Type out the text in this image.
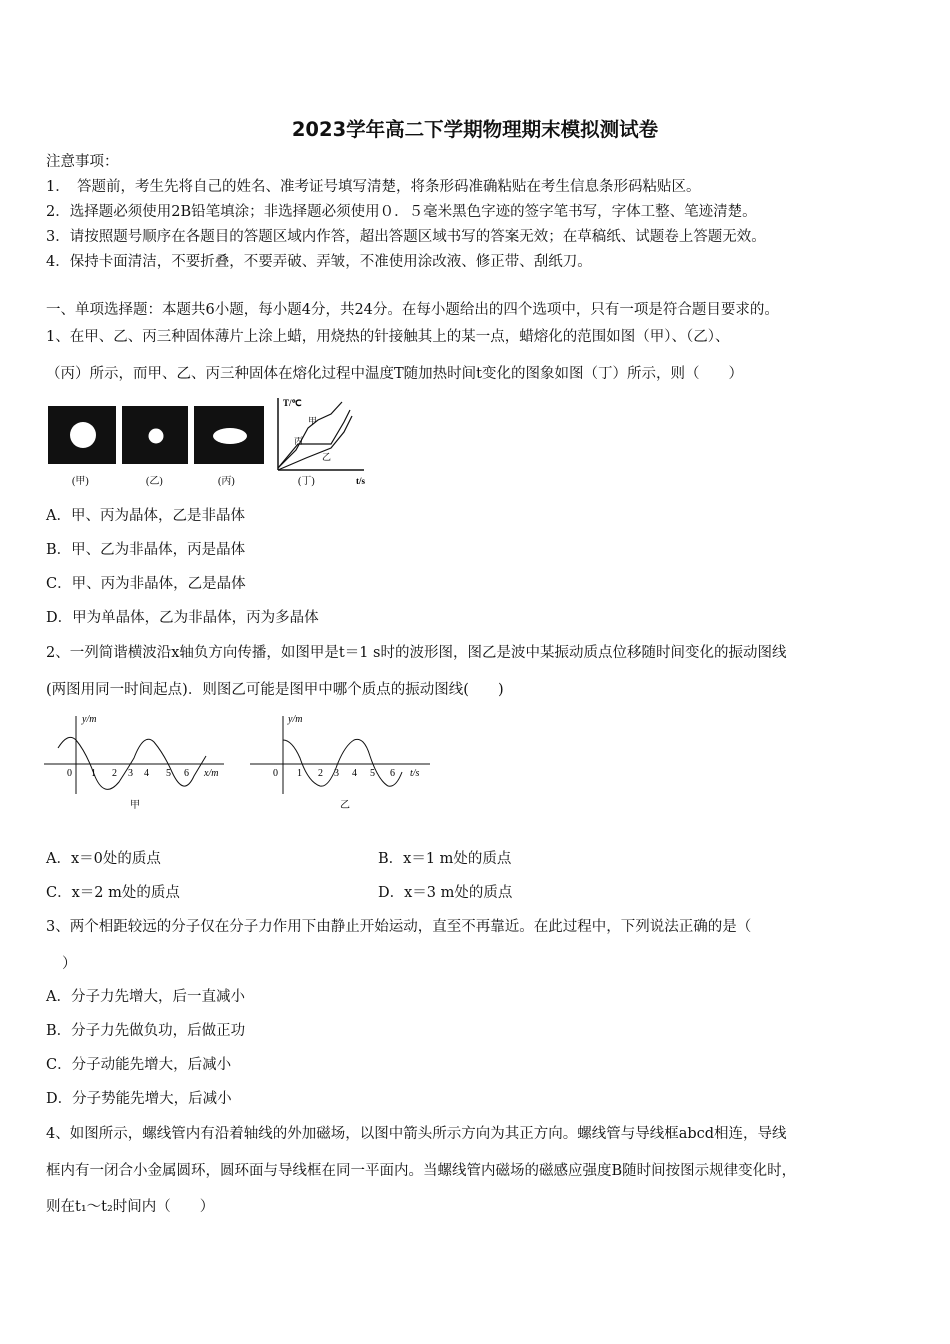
2023学年高二下学期物理期末模拟测试卷
注意事项：
1．　答题前，考生先将自己的姓名、准考证号填写清楚，将条形码准确粘贴在考生信息条形码粘贴区。
2．选择题必须使用2B铅笔填涂；非选择题必须使用０．５毫米黑色字迹的签字笔书写，字体工整、笔迹清楚。
3．请按照题号顺序在各题目的答题区域内作答，超出答题区域书写的答案无效；在草稿纸、试题卷上答题无效。
4．保持卡面清洁，不要折叠，不要弄破、弄皱，不准使用涂改液、修正带、刮纸刀。
一、单项选择题：本题共6小题，每小题4分，共24分。在每小题给出的四个选项中，只有一项是符合题目要求的。
1、在甲、乙、丙三种固体薄片上涂上蜡，用烧热的针接触其上的某一点，蜡熔化的范围如图（甲）、（乙）、
（丙）所示，而甲、乙、丙三种固体在熔化过程中温度T随加热时间t变化的图象如图（丁）所示，则（　　）
(甲)	(乙)	(丙)	(丁)
T/℃
t/s
甲
丙
乙
A．甲、丙为晶体，乙是非晶体
B．甲、乙为非晶体，丙是晶体
C．甲、丙为非晶体，乙是晶体
D．甲为单晶体，乙为非晶体，丙为多晶体
2、一列简谐横波沿x轴负方向传播，如图甲是t＝1 s时的波形图，图乙是波中某振动质点位移随时间变化的振动图线
(两图用同一时间起点)．则图乙可能是图甲中哪个质点的振动图线(　　)
y/m
0 1 2 3 4 5 6 x/m
甲
y/m
0 1 2 3 4 5 6 t/s
乙
A．x＝0处的质点	B．x＝1 m处的质点
C．x＝2 m处的质点	D．x＝3 m处的质点
3、两个相距较远的分子仅在分子力作用下由静止开始运动，直至不再靠近。在此过程中，下列说法正确的是（
）
A．分子力先增大，后一直减小
B．分子力先做负功，后做正功
C．分子动能先增大，后减小
D．分子势能先增大，后减小
4、如图所示，螺线管内有沿着轴线的外加磁场，以图中箭头所示方向为其正方向。螺线管与导线框abcd相连，导线
框内有一闭合小金属圆环，圆环面与导线框在同一平面内。当螺线管内磁场的磁感应强度B随时间按图示规律变化时，
则在t₁～t₂时间内（　　）
